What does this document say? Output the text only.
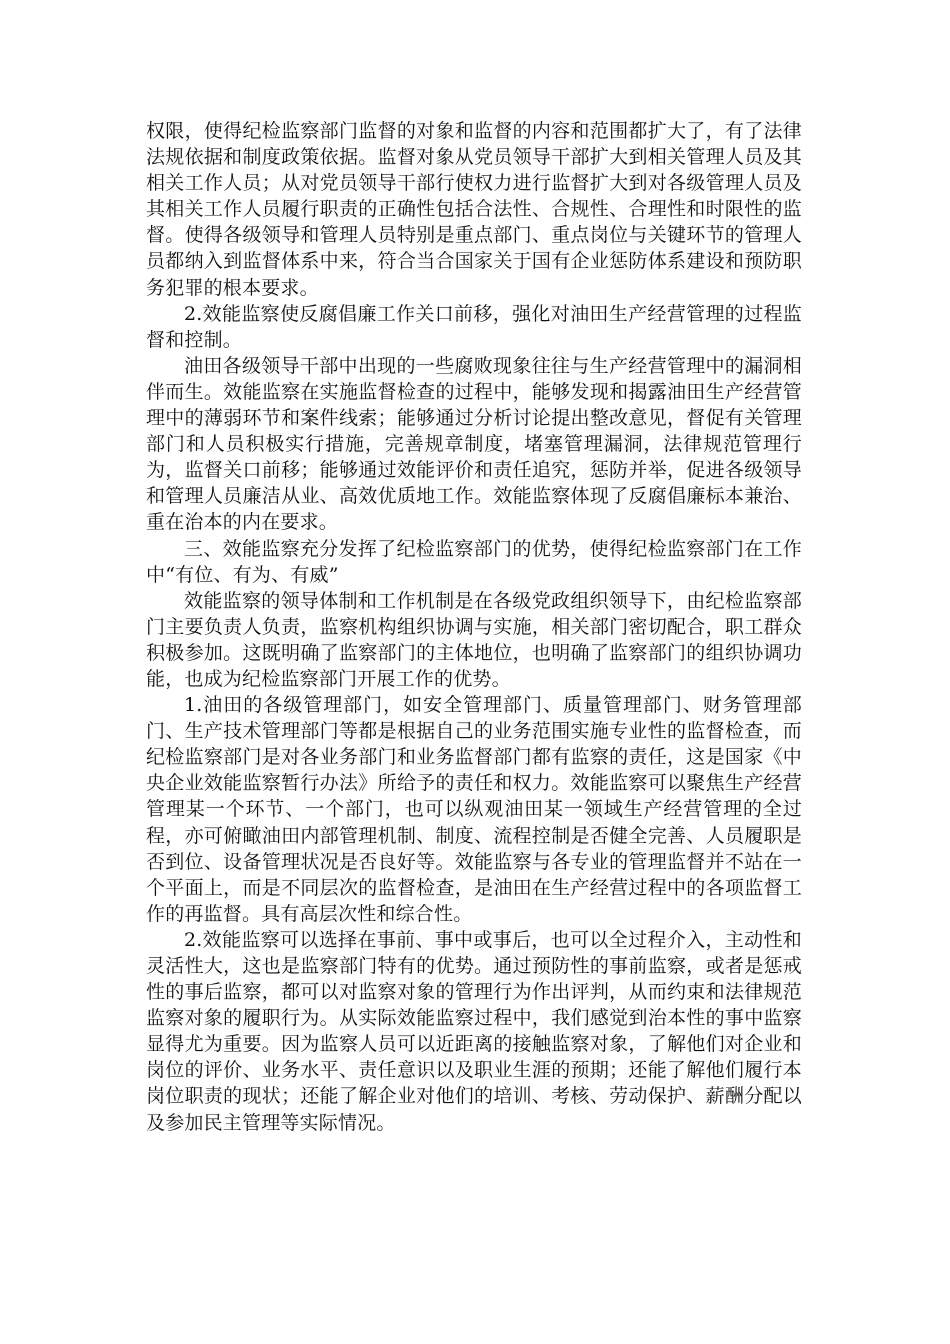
权限，使得纪检监察部门监督的对象和监督的内容和范围都扩大了，有了法律法规依据和制度政策依据。监督对象从党员领导干部扩大到相关管理人员及其相关工作人员；从对党员领导干部行使权力进行监督扩大到对各级管理人员及其相关工作人员履行职责的正确性包括合法性、合规性、合理性和时限性的监督。使得各级领导和管理人员特别是重点部门、重点岗位与关键环节的管理人员都纳入到监督体系中来，符合当合国家关于国有企业惩防体系建设和预防职务犯罪的根本要求。

2.效能监察使反腐倡廉工作关口前移，强化对油田生产经营管理的过程监督和控制。

油田各级领导干部中出现的一些腐败现象往往与生产经营管理中的漏洞相伴而生。效能监察在实施监督检查的过程中，能够发现和揭露油田生产经营管理中的薄弱环节和案件线索；能够通过分析讨论提出整改意见，督促有关管理部门和人员积极实行措施，完善规章制度，堵塞管理漏洞，法律规范管理行为，监督关口前移；能够通过效能评价和责任追究，惩防并举，促进各级领导和管理人员廉洁从业、高效优质地工作。效能监察体现了反腐倡廉标本兼治、重在治本的内在要求。

三、效能监察充分发挥了纪检监察部门的优势，使得纪检监察部门在工作中“有位、有为、有威”

效能监察的领导体制和工作机制是在各级党政组织领导下，由纪检监察部门主要负责人负责，监察机构组织协调与实施，相关部门密切配合，职工群众积极参加。这既明确了监察部门的主体地位，也明确了监察部门的组织协调功能，也成为纪检监察部门开展工作的优势。

1.油田的各级管理部门，如安全管理部门、质量管理部门、财务管理部门、生产技术管理部门等都是根据自己的业务范围实施专业性的监督检查，而纪检监察部门是对各业务部门和业务监督部门都有监察的责任，这是国家《中央企业效能监察暂行办法》所给予的责任和权力。效能监察可以聚焦生产经营管理某一个环节、一个部门，也可以纵观油田某一领域生产经营管理的全过程，亦可俯瞰油田内部管理机制、制度、流程控制是否健全完善、人员履职是否到位、设备管理状况是否良好等。效能监察与各专业的管理监督并不站在一个平面上，而是不同层次的监督检查，是油田在生产经营过程中的各项监督工作的再监督。具有高层次性和综合性。

2.效能监察可以选择在事前、事中或事后，也可以全过程介入，主动性和灵活性大，这也是监察部门特有的优势。通过预防性的事前监察，或者是惩戒性的事后监察，都可以对监察对象的管理行为作出评判，从而约束和法律规范监察对象的履职行为。从实际效能监察过程中，我们感觉到治本性的事中监察显得尤为重要。因为监察人员可以近距离的接触监察对象，了解他们对企业和岗位的评价、业务水平、责任意识以及职业生涯的预期；还能了解他们履行本岗位职责的现状；还能了解企业对他们的培训、考核、劳动保护、薪酬分配以及参加民主管理等实际情况。
